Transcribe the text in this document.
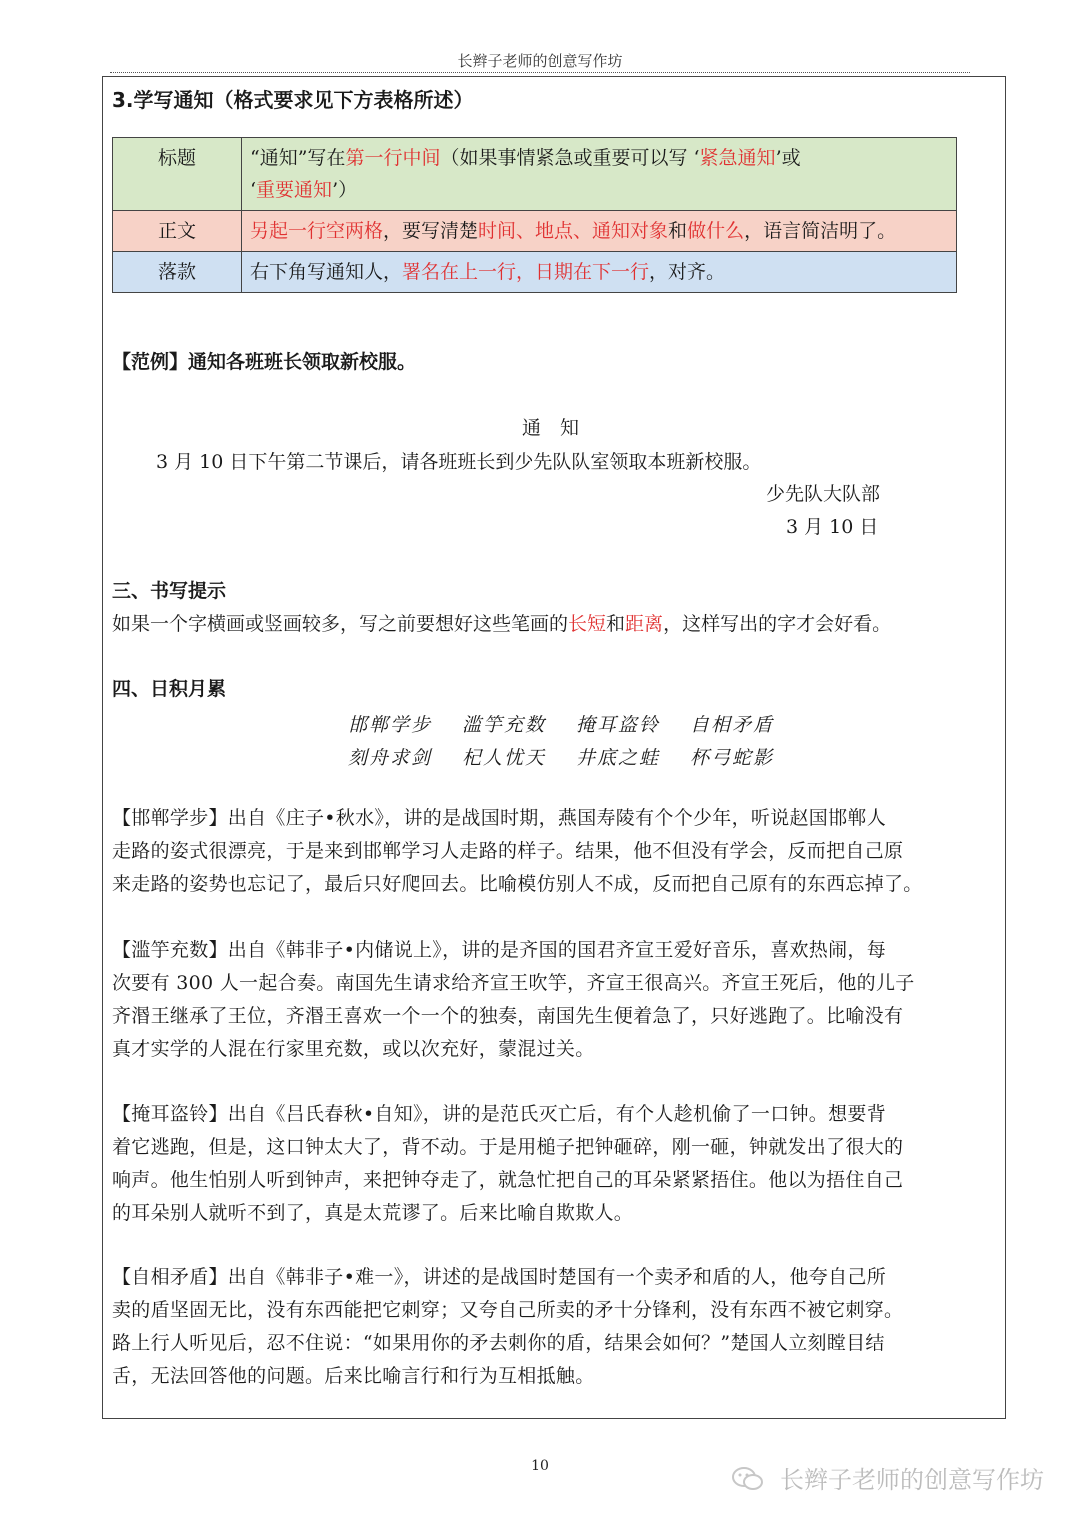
长辫子老师的创意写作坊
3.学写通知（格式要求见下方表格所述）
标题	“通知”写在第一行中间（如果事情紧急或重要可以写 ‘紧急通知’或
‘重要通知’）
正文	另起一行空两格，要写清楚时间、地点、通知对象和做什么，语言简洁明了。
落款	右下角写通知人，署名在上一行，日期在下一行，对齐。
【范例】通知各班班长领取新校服。
通　知
3 月 10 日下午第二节课后，请各班班长到少先队队室领取本班新校服。
少先队大队部
3 月 10 日
三、书写提示
如果一个字横画或竖画较多，写之前要想好这些笔画的长短和距离，这样写出的字才会好看。
四、日积月累
邯郸学步 滥竽充数 掩耳盗铃 自相矛盾
刻舟求剑 杞人忧天 井底之蛙 杯弓蛇影
【邯郸学步】出自《庄子•秋水》，讲的是战国时期，燕国寿陵有个个少年，听说赵国邯郸人
走路的姿式很漂亮，于是来到邯郸学习人走路的样子。结果，他不但没有学会，反而把自己原
来走路的姿势也忘记了，最后只好爬回去。比喻模仿别人不成，反而把自己原有的东西忘掉了。
【滥竽充数】出自《韩非子•内储说上》，讲的是齐国的国君齐宣王爱好音乐，喜欢热闹，每
次要有 300 人一起合奏。南国先生请求给齐宣王吹竽，齐宣王很高兴。齐宣王死后，他的儿子
齐湣王继承了王位，齐湣王喜欢一个一个的独奏，南国先生便着急了，只好逃跑了。比喻没有
真才实学的人混在行家里充数，或以次充好，蒙混过关。
【掩耳盗铃】出自《吕氏春秋•自知》，讲的是范氏灭亡后，有个人趁机偷了一口钟。想要背
着它逃跑，但是，这口钟太大了，背不动。于是用槌子把钟砸碎，刚一砸，钟就发出了很大的
响声。他生怕别人听到钟声，来把钟夺走了，就急忙把自己的耳朵紧紧捂住。他以为捂住自己
的耳朵别人就听不到了，真是太荒谬了。后来比喻自欺欺人。
【自相矛盾】出自《韩非子•难一》，讲述的是战国时楚国有一个卖矛和盾的人，他夸自己所
卖的盾坚固无比，没有东西能把它刺穿；又夸自己所卖的矛十分锋利，没有东西不被它刺穿。
路上行人听见后，忍不住说：“如果用你的矛去刺你的盾，结果会如何？”楚国人立刻瞠目结
舌，无法回答他的问题。后来比喻言行和行为互相抵触。
10	长辫子老师的创意写作坊
